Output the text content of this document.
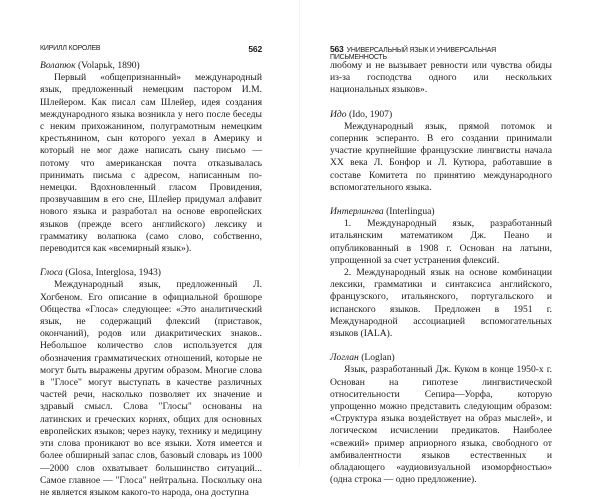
КИРИЛЛ КОРОЛЕВ	562

Волапюк (Volapьk, 1890)

Первый «общепризнанный» международный язык, предложенный немецким пастором И.М. Шлейером. Как писал сам Шлейер, идея создания международного языка возникла у него после беседы с неким прихожанином, полуграмотным немецким крестьянином, сын которого уехал в Америку и который не мог даже написать сыну письмо — потому что американская почта отказывалась принимать письма с адресом, написанным по-немецки. Вдохновленный гласом Провидения, прозвучавшим в его сне, Шлейер придумал алфавит нового языка и разработал на основе европейских языков (прежде всего английского) лексику и грамматику волапюка (само слово, собственно, переводится как «всемирный язык»).

Глоса (Glosa, Interglosa, 1943)

Международный язык, предложенный Л. Хогбеном. Его описание в официальной брошюре Общества «Глоса» следующее: «Это аналитический язык, не содержащий флексий (приставок, окончаний), родов или диакритических знаков.. Небольшое количество слов используется для обозначения грамматических отношений, которые не могут быть выражены другим образом. Многие слова в "Глосе" могут выступать в качестве различных частей речи, насколько позволяет их значение и здравый смысл. Слова "Глосы" основаны на латинских и греческих корнях, общих для основных европейских языков; через науку, технику и медицину эти слова проникают во все языки. Хотя имеется и более обширный запас слов, базовый словарь из 1000—2000 слов охватывает большинство ситуаций... Самое главное — "Глоса" нейтральна. Поскольку она не является языком какого-то народа, она доступна

563 УНИВЕРСАЛЬНЫЙ ЯЗЫК И УНИВЕРСАЛЬНАЯ ПИСЬМЕННОСТЬ

любому и не вызывает ревности или чувства обиды из-за господства одного или нескольких национальных языков».

Идо (Ido, 1907)

Международный язык, прямой потомок и соперник эсперанто. В его создании принимали участие крупнейшие французские лингвисты начала XX века Л. Бонфор и Л. Кутюра, работавшие в составе Комитета по принятию международного вспомогательного языка.

Интерлингва (Interlingua)

1. Международный язык, разработанный итальянским математиком Дж. Пеано и опубликованный в 1908 г. Основан на латыни, упрощенной за счет устранения флексий.

2. Международный язык на основе комбинации лексики, грамматики и синтаксиса английского, французского, итальянского, португальского и испанского языков. Предложен в 1951 г. Международной ассоциацией вспомогательных языков (IALA).

Логлан (Loglan)

Язык, разработанный Дж. Куком в конце 1950-х г. Основан на гипотезе лингвистической относительности Сепира—Уорфа, которую упрощенно можно представить следующим образом: «Структура языка воздействует на образ мыслей», и логическом исчислении предикатов. Наиболее «свежий» пример априорного языка, свободного от амбивалентности языков естественных и обладающего «аудиовизуальной изоморфностью» (одна строка — одно предложение).
